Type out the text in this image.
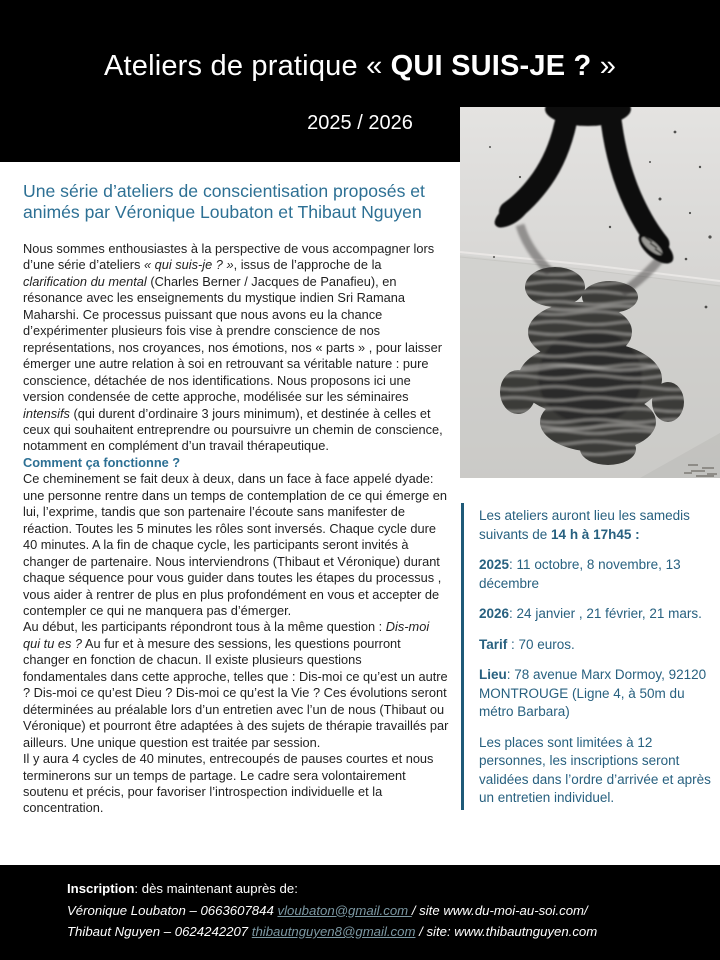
Ateliers de pratique « QUI SUIS-JE ? »
2025 / 2026
Une série d’ateliers de conscientisation proposés et animés par Véronique Loubaton et Thibaut Nguyen

Nous sommes enthousiastes à la perspective de vous accompagner lors d’une série d’ateliers « qui suis-je ? », issus de l’approche de la clarification du mental (Charles Berner / Jacques de Panafieu), en résonance avec les enseignements du mystique indien Sri Ramana Maharshi. Ce processus puissant que nous avons eu la chance d’expérimenter plusieurs fois vise à prendre conscience de nos représentations, nos croyances, nos émotions, nos « parts » , pour laisser émerger une autre relation à soi en retrouvant sa véritable nature : pure conscience, détachée de nos identifications. Nous proposons ici une version condensée de cette approche, modélisée sur les séminaires intensifs (qui durent d’ordinaire 3 jours minimum), et destinée à celles et ceux qui souhaitent entreprendre ou poursuivre un chemin de conscience, notamment en complément d’un travail thérapeutique.

Comment ça fonctionne ?

Ce cheminement se fait deux à deux, dans un face à face appelé dyade: une personne rentre dans un temps de contemplation de ce qui émerge en lui, l’exprime, tandis que son partenaire l’écoute sans manifester de réaction. Toutes les 5 minutes les rôles sont inversés. Chaque cycle dure 40 minutes. A la fin de chaque cycle, les participants seront invités à changer de partenaire. Nous interviendrons (Thibaut et Véronique) durant chaque séquence pour vous guider dans toutes les étapes du processus , vous aider à rentrer de plus en plus profondément en vous et accepter de contempler ce qui ne manquera pas d’émerger.

Au début, les participants répondront tous à la même question : Dis-moi qui tu es ? Au fur et à mesure des sessions, les questions pourront changer en fonction de chacun. Il existe plusieurs questions fondamentales dans cette approche, telles que : Dis-moi ce qu’est un autre ? Dis-moi ce qu’est Dieu ? Dis-moi ce qu’est la Vie ? Ces évolutions seront déterminées au préalable lors d’un entretien avec l’un de nous (Thibaut ou Véronique) et pourront être adaptées à des sujets de thérapie travaillés par ailleurs. Une unique question est traitée par session.

Il y aura 4 cycles de 40 minutes, entrecoupés de pauses courtes et nous terminerons sur un temps de partage. Le cadre sera volontairement soutenu et précis, pour favoriser l’introspection individuelle et la concentration.

Les ateliers auront lieu les samedis suivants de 14 h à 17h45 :

2025: 11 octobre, 8 novembre, 13 décembre

2026: 24 janvier , 21 février, 21 mars.

Tarif : 70 euros.

Lieu: 78 avenue Marx Dormoy, 92120 MONTROUGE (Ligne 4, à 50m du métro Barbara)

Les places sont limitées à 12 personnes, les inscriptions seront validées dans l’ordre d’arrivée et après un entretien individuel.

Inscription: dès maintenant auprès de:

Véronique Loubaton – 0663607844 vloubaton@gmail.com / site www.du-moi-au-soi.com/

Thibaut Nguyen – 0624242207 thibautnguyen8@gmail.com / site: www.thibautnguyen.com
